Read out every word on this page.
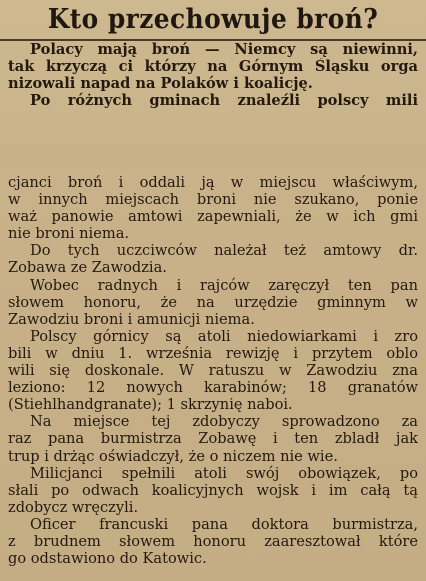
Kto przechowuje broń?
Polacy mają broń — Niemcy są niewinni,
tak krzyczą ci którzy na Górnym Śląsku orga
nizowali napad na Polaków i koalicję.
Po różnych gminach znaleźli polscy mili
cjanci broń i oddali ją w miejscu właściwym,
w innych miejscach broni nie szukano, ponie
waż panowie amtowi zapewniali, że w ich gmi
nie broni niema.
Do tych uczciwców należał też amtowy dr.
Zobawa ze Zawodzia.
Wobec radnych i rajców zaręczył ten pan
słowem honoru, że na urzędzie gminnym w
Zawodziu broni i amunicji niema.
Polscy górnicy są atoli niedowiarkami i zro
bili w dniu 1. września rewizję i przytem oblo
wili się doskonale. W ratuszu w Zawodziu zna
leziono: 12 nowych karabinów; 18 granatów
(Stiehlhandgranate); 1 skrzynię naboi.
Na miejsce tej zdobyczy sprowadzono za
raz pana burmistrza Zobawę i ten zbladł jak
trup i drżąc oświadczył, że o niczem nie wie.
Milicjanci spełnili atoli swój obowiązek, po
słali po odwach koalicyjnych wojsk i im całą tą
zdobycz wręczyli.
Oficer francuski pana doktora burmistrza,
z brudnem słowem honoru zaaresztował które
go odstawiono do Katowic.
